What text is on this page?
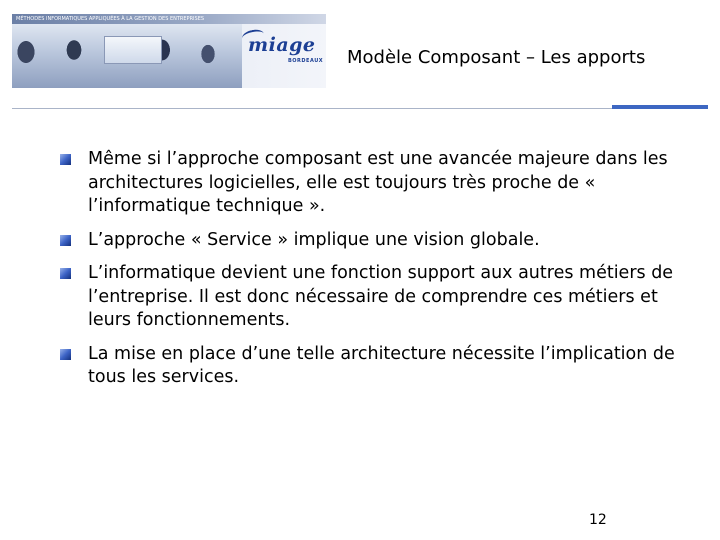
MÉTHODES INFORMATIQUES APPLIQUÉES À LA GESTION DES ENTREPRISES
miage
BORDEAUX Modèle Composant – Les apports
Même si l’approche composant est une avancée majeure dans les architectures logicielles, elle est toujours très proche de « l’informatique technique ».
L’approche « Service » implique une vision globale.
L’informatique devient une fonction support aux autres métiers de l’entreprise. Il est donc nécessaire de comprendre ces métiers et leurs fonctionnements.
La mise en place d’une telle architecture nécessite l’implication de tous les services.
12
